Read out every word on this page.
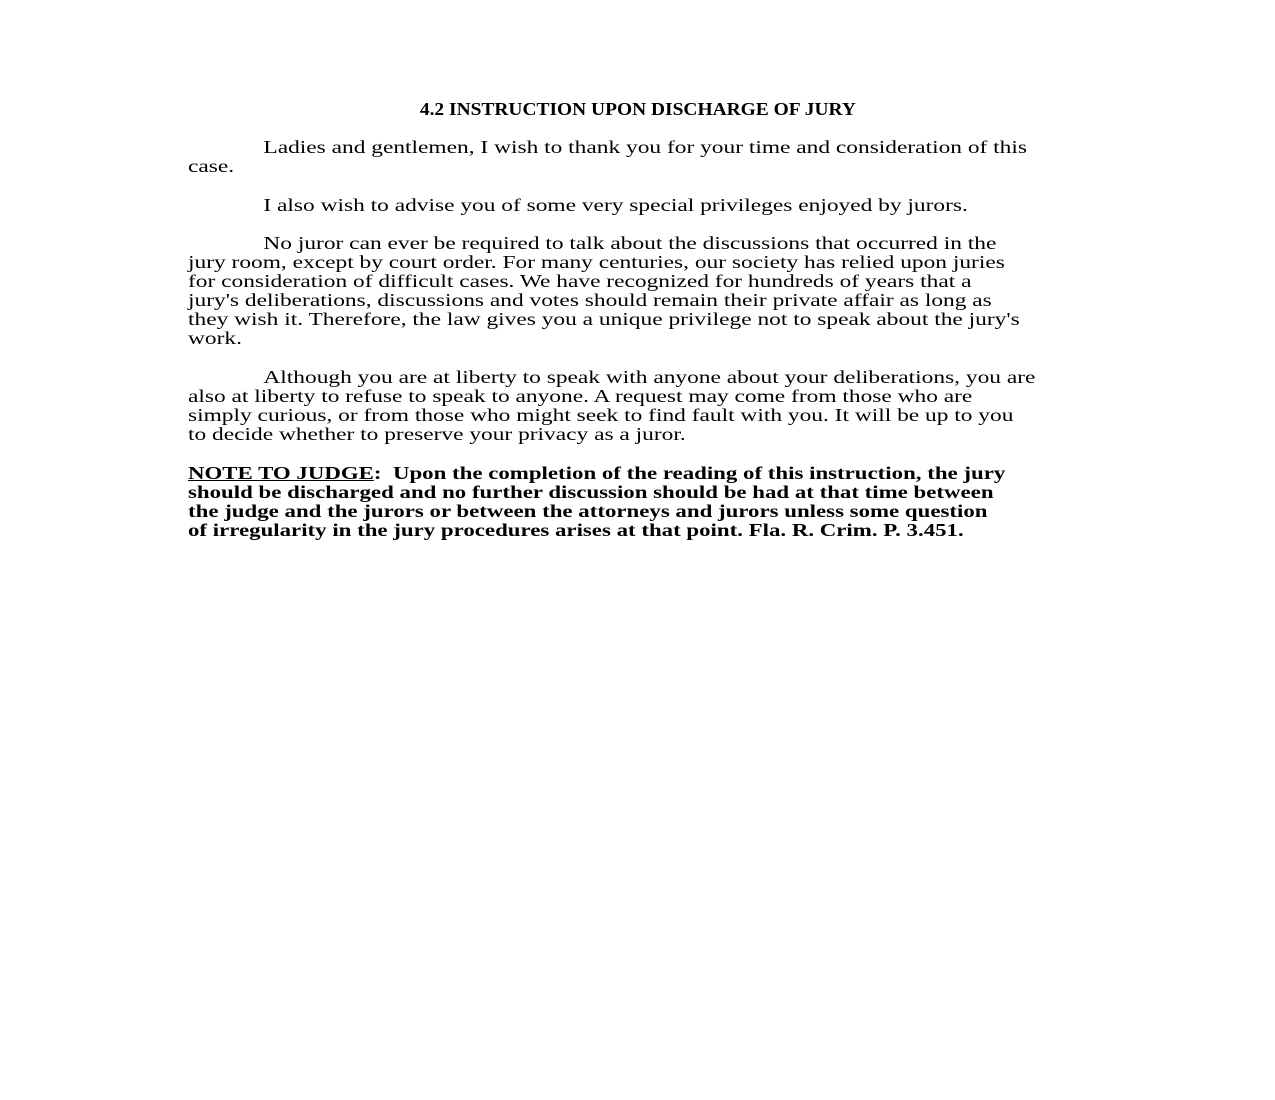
4.2 INSTRUCTION UPON DISCHARGE OF JURY
Ladies and gentlemen, I wish to thank you for your time and consideration of this
case.
I also wish to advise you of some very special privileges enjoyed by jurors.
No juror can ever be required to talk about the discussions that occurred in the
jury room, except by court order. For many centuries, our society has relied upon juries
for consideration of difficult cases. We have recognized for hundreds of years that a
jury's deliberations, discussions and votes should remain their private affair as long as
they wish it. Therefore, the law gives you a unique privilege not to speak about the jury's
work.
Although you are at liberty to speak with anyone about your deliberations, you are
also at liberty to refuse to speak to anyone. A request may come from those who are
simply curious, or from those who might seek to find fault with you. It will be up to you
to decide whether to preserve your privacy as a juror.
NOTE TO JUDGE:  Upon the completion of the reading of this instruction, the jury
should be discharged and no further discussion should be had at that time between
the judge and the jurors or between the attorneys and jurors unless some question
of irregularity in the jury procedures arises at that point. Fla. R. Crim. P. 3.451.
